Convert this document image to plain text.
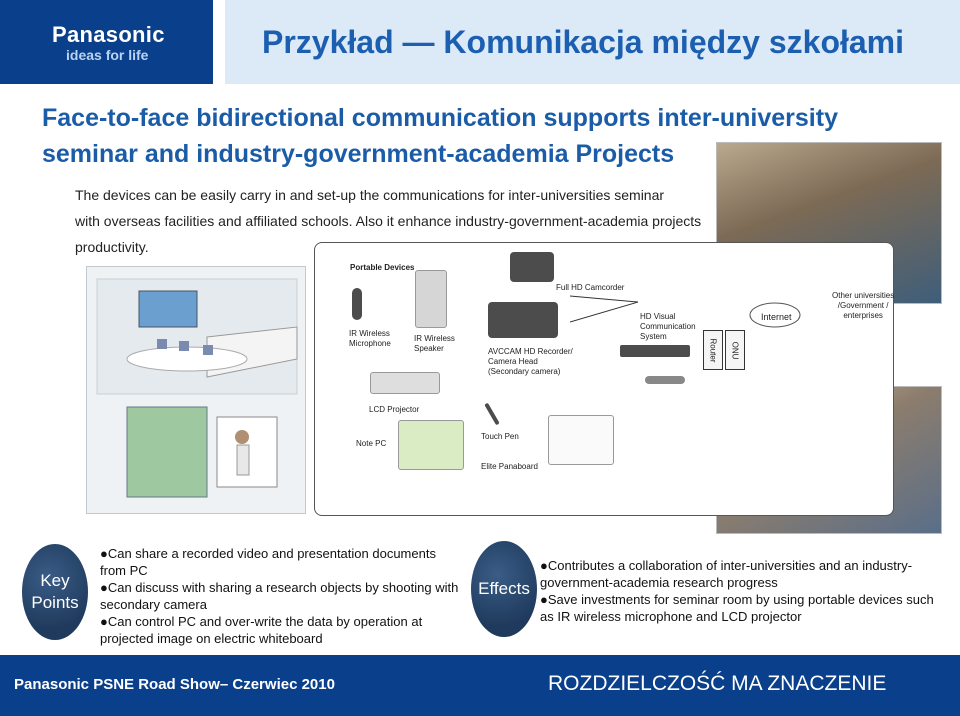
Panasonic
ideas for life	Przykład — Komunikacja między szkołami
Face-to-face bidirectional communication supports inter-university
seminar and industry-government-academia Projects
The devices can be easily carry in and set-up the communications for inter-universities seminar
with overseas facilities and affiliated schools. Also it enhance industry-government-academia projects
productivity.
Portable Devices
IR Wireless
Microphone
IR Wireless
Speaker
Full HD Camcorder
AVCCAM HD Recorder/
Camera Head
(Secondary camera)
HD Visual
Communication
System
Router ONU
Internet
Other universities
/Government /
enterprises
LCD Projector
Note PC
Touch Pen
Elite Panaboard
Key
Points
●Can share a recorded video and presentation documents
from PC
●Can discuss with sharing a research objects by shooting with
secondary camera
●Can control PC and over-write the data by operation at
projected image on electric whiteboard
Effects
●Contributes a collaboration of inter-universities and an industry-
government-academia research progress
●Save investments for seminar room by using portable devices such
as IR wireless microphone and LCD projector
Panasonic PSNE Road Show– Czerwiec 2010	ROZDZIELCZOŚĆ MA ZNACZENIE
